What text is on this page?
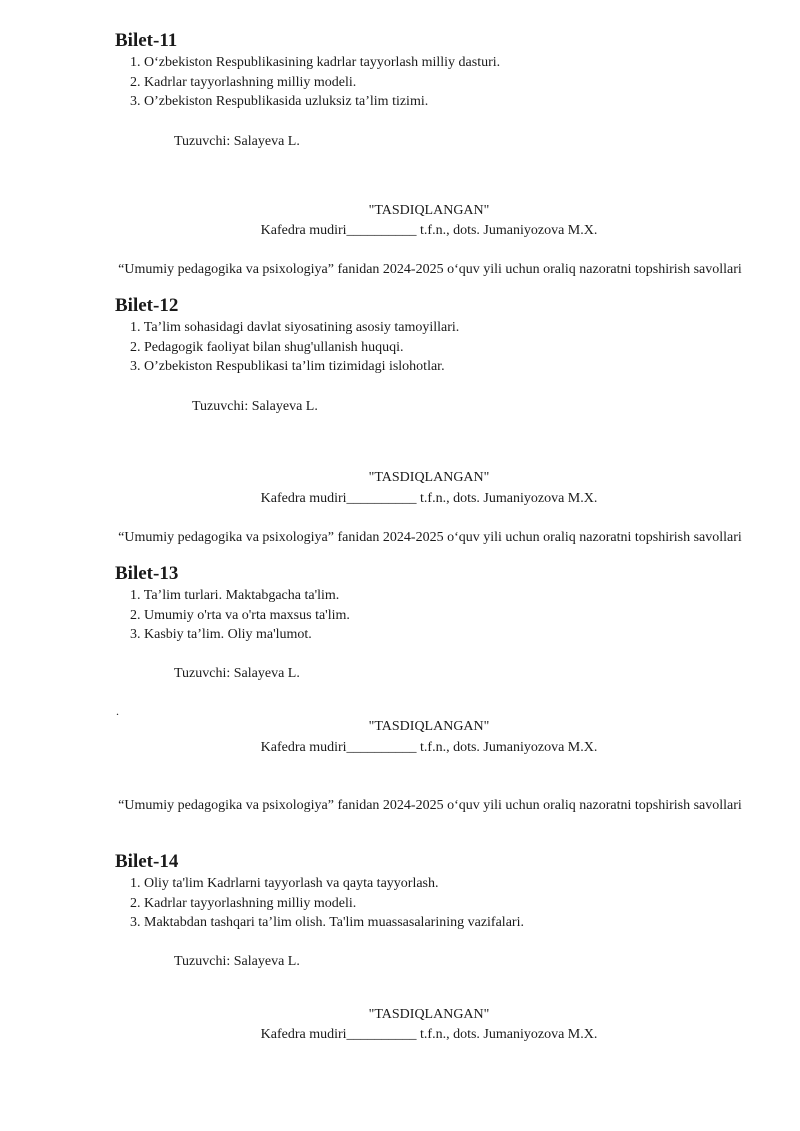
Bilet-11
1. O‘zbekiston Respublikasining kadrlar tayyorlash milliy dasturi.
2. Kadrlar tayyorlashning milliy modeli.
3. O’zbekiston Respublikasida uzluksiz ta’lim tizimi.
Tuzuvchi: Salayeva L.
"TASDIQLANGAN"
Kafedra mudiri__________ t.f.n., dots. Jumaniyozova M.X.
“Umumiy pedagogika va psixologiya” fanidan 2024-2025 o‘quv yili uchun oraliq nazoratni topshirish savollari
Bilet-12
1. Ta’lim sohasidagi davlat siyosatining asosiy tamoyillari.
2. Pedagogik faoliyat bilan shug'ullanish huquqi.
3. O’zbekiston Respublikasi ta’lim tizimidagi islohotlar.
Tuzuvchi: Salayeva L.
"TASDIQLANGAN"
Kafedra mudiri__________ t.f.n., dots. Jumaniyozova M.X.
“Umumiy pedagogika va psixologiya” fanidan 2024-2025 o‘quv yili uchun oraliq nazoratni topshirish savollari
Bilet-13
1. Ta’lim turlari. Maktabgacha ta'lim.
2. Umumiy o'rta va o'rta maxsus ta'lim.
3. Kasbiy ta’lim. Oliy ma'lumot.
Tuzuvchi: Salayeva L.
.
"TASDIQLANGAN"
Kafedra mudiri__________ t.f.n., dots. Jumaniyozova M.X.
“Umumiy pedagogika va psixologiya” fanidan 2024-2025 o‘quv yili uchun oraliq nazoratni topshirish savollari
Bilet-14
1. Oliy ta'lim Kadrlarni tayyorlash va qayta tayyorlash.
2. Kadrlar tayyorlashning milliy modeli.
3. Maktabdan tashqari ta’lim olish. Ta'lim muassasalarining vazifalari.
Tuzuvchi: Salayeva L.
"TASDIQLANGAN"
Kafedra mudiri__________ t.f.n., dots. Jumaniyozova M.X.
